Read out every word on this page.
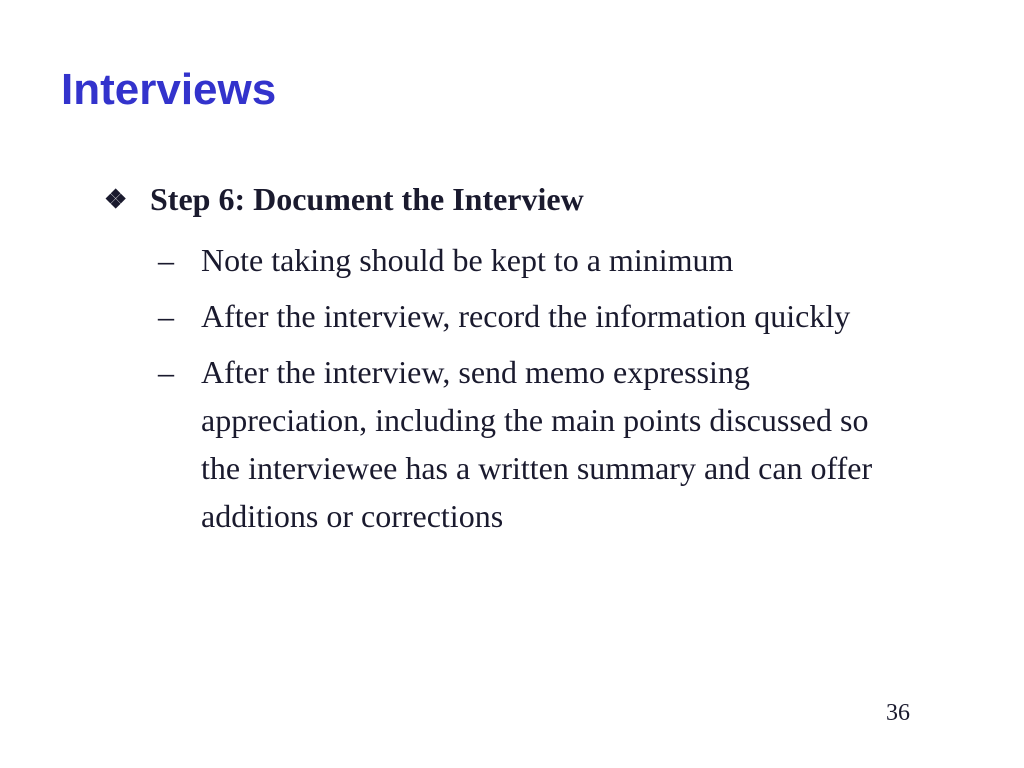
Interviews
❖ Step 6: Document the Interview
– Note taking should be kept to a minimum
– After the interview, record the information quickly
– After the interview, send memo expressing appreciation, including the main points discussed so the interviewee has a written summary and can offer additions or corrections
36
